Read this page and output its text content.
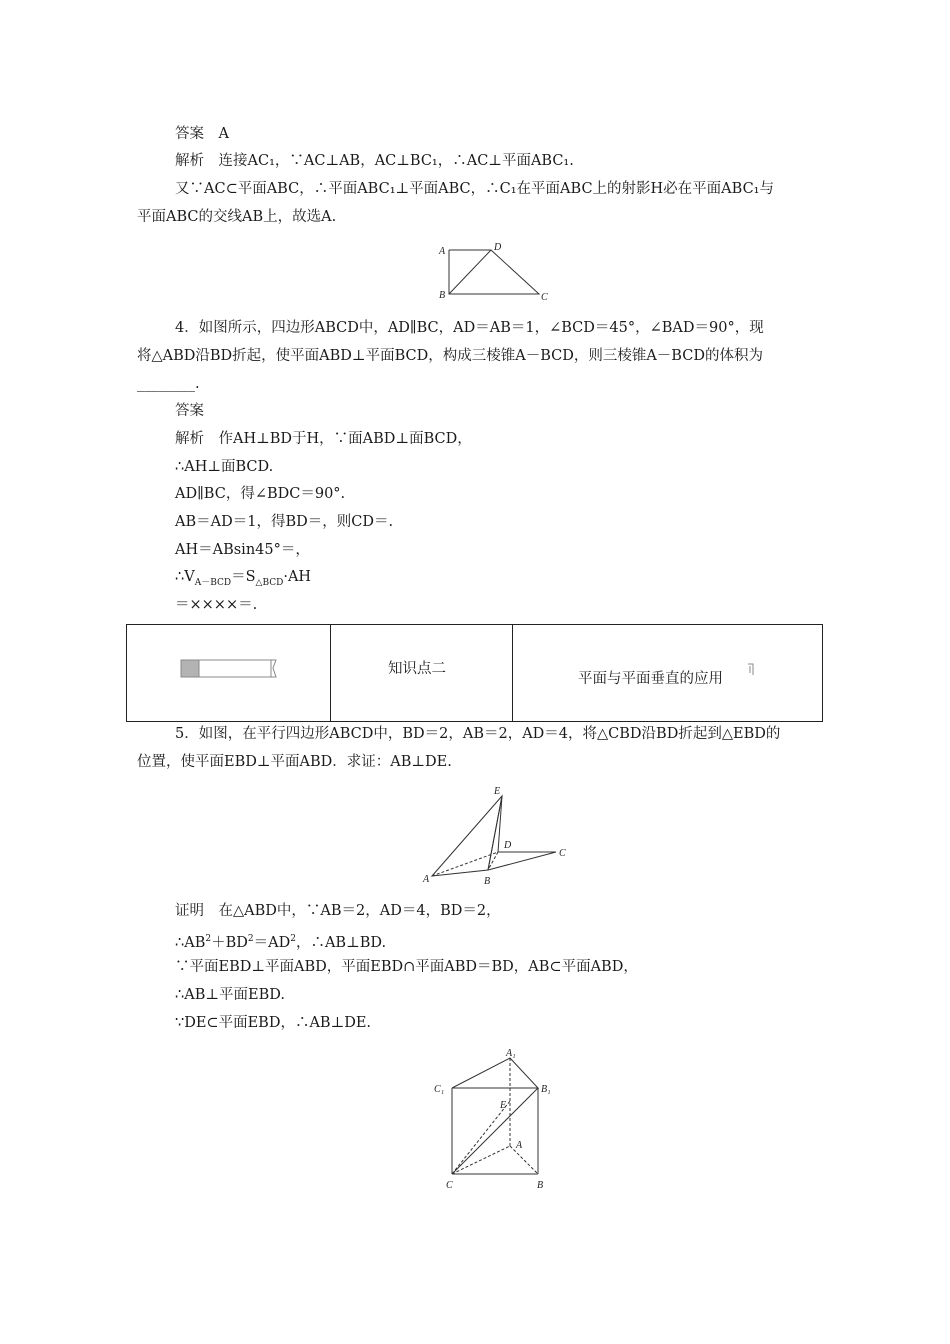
答案　A
解析　连接AC₁，∵AC⊥AB，AC⊥BC₁，∴AC⊥平面ABC₁.
又∵AC⊂平面ABC，∴平面ABC₁⊥平面ABC，∴C₁在平面ABC上的射影H必在平面ABC₁与
平面ABC的交线AB上，故选A.
A
B	C
D
4．如图所示，四边形ABCD中，AD∥BC，AD＝AB＝1，∠BCD＝45°，∠BAD＝90°，现
将△ABD沿BD折起，使平面ABD⊥平面BCD，构成三棱锥A－BCD，则三棱锥A－BCD的体积为
________.
答案
解析　作AH⊥BD于H，∵面ABD⊥面BCD，
∴AH⊥面BCD.
AD∥BC，得∠BDC＝90°.
AB＝AD＝1，得BD＝，则CD＝.
AH＝ABsin45°＝，
$\therefore V_{A-BCD}=S_{\triangle BCD}\cdot AH$
＝××××＝.
知识点二
平面与平面垂直的应用
5．如图，在平行四边形ABCD中，BD＝2，AB＝2，AD＝4，将△CBD沿BD折起到△EBD的
位置，使平面EBD⊥平面ABD．求证：AB⊥DE.
E
D
C
A	B
证明　在△ABD中，∵AB＝2，AD＝4，BD＝2，
$\therefore AB^2+BD^2=AD^2$，∴AB⊥BD.
∵平面EBD⊥平面ABD，平面EBD∩平面ABD＝BD，AB⊂平面ABD，
∴AB⊥平面EBD.
∵DE⊂平面EBD，∴AB⊥DE.
A₁
C₁	B₁
E
A
C	B
